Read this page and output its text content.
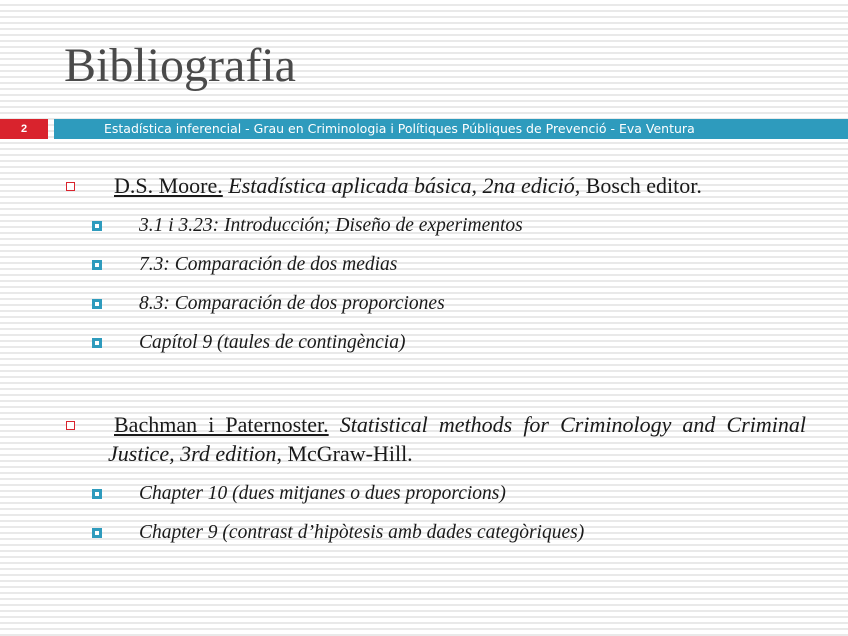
Bibliografia
2	Estadística inferencial - Grau en Criminologia i Polítiques Públiques de Prevenció - Eva Ventura
D.S. Moore. Estadística aplicada básica, 2na edició, Bosch editor.
3.1 i 3.23: Introducción; Diseño de experimentos
7.3: Comparación de dos medias
8.3: Comparación de dos proporciones
Capítol 9 (taules de contingència)
Bachman i Paternoster. Statistical methods for Criminology and Criminal Justice, 3rd edition, McGraw-Hill.
Chapter 10 (dues mitjanes o dues proporcions)
Chapter 9 (contrast d’hipòtesis amb dades categòriques)
